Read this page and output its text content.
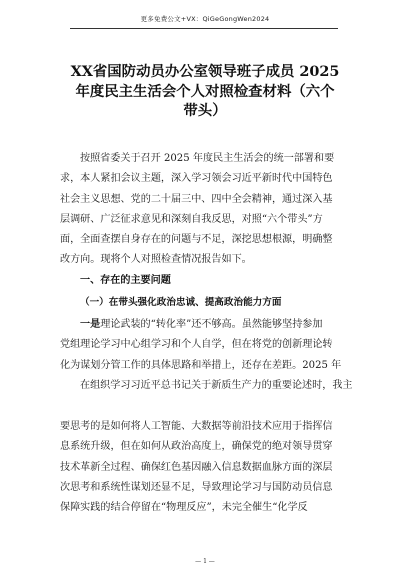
更多免费公文+VX：QiGeGongWen2024
XX省国防动员办公室领导班子成员 2025
年度民主生活会个人对照检查材料（六个
带头）
按照省委关于召开 2025 年度民主生活会的统一部署和要
求，本人紧扣会议主题，深入学习领会习近平新时代中国特色
社会主义思想、党的二十届三中、四中全会精神，通过深入基
层调研、广泛征求意见和深刻自我反思，对照“六个带头”方
面，全面查摆自身存在的问题与不足，深挖思想根源，明确整
改方向。现将个人对照检查情况报告如下。
一、存在的主要问题
（一）在带头强化政治忠诚、提高政治能力方面
一是理论武装的“转化率”还不够高。虽然能够坚持参加
党组理论学习中心组学习和个人自学，但在将党的创新理论转
化为谋划分管工作的具体思路和举措上，还存在差距。2025 年
在组织学习习近平总书记关于新质生产力的重要论述时，我主
要思考的是如何将人工智能、大数据等前沿技术应用于指挥信
息系统升级，但在如何从政治高度上，确保党的绝对领导贯穿
技术革新全过程、确保红色基因融入信息数据血脉方面的深层
次思考和系统性谋划还显不足，导致理论学习与国防动员信息
保障实践的结合停留在“物理反应”，未完全催生“化学反
— 1 —
